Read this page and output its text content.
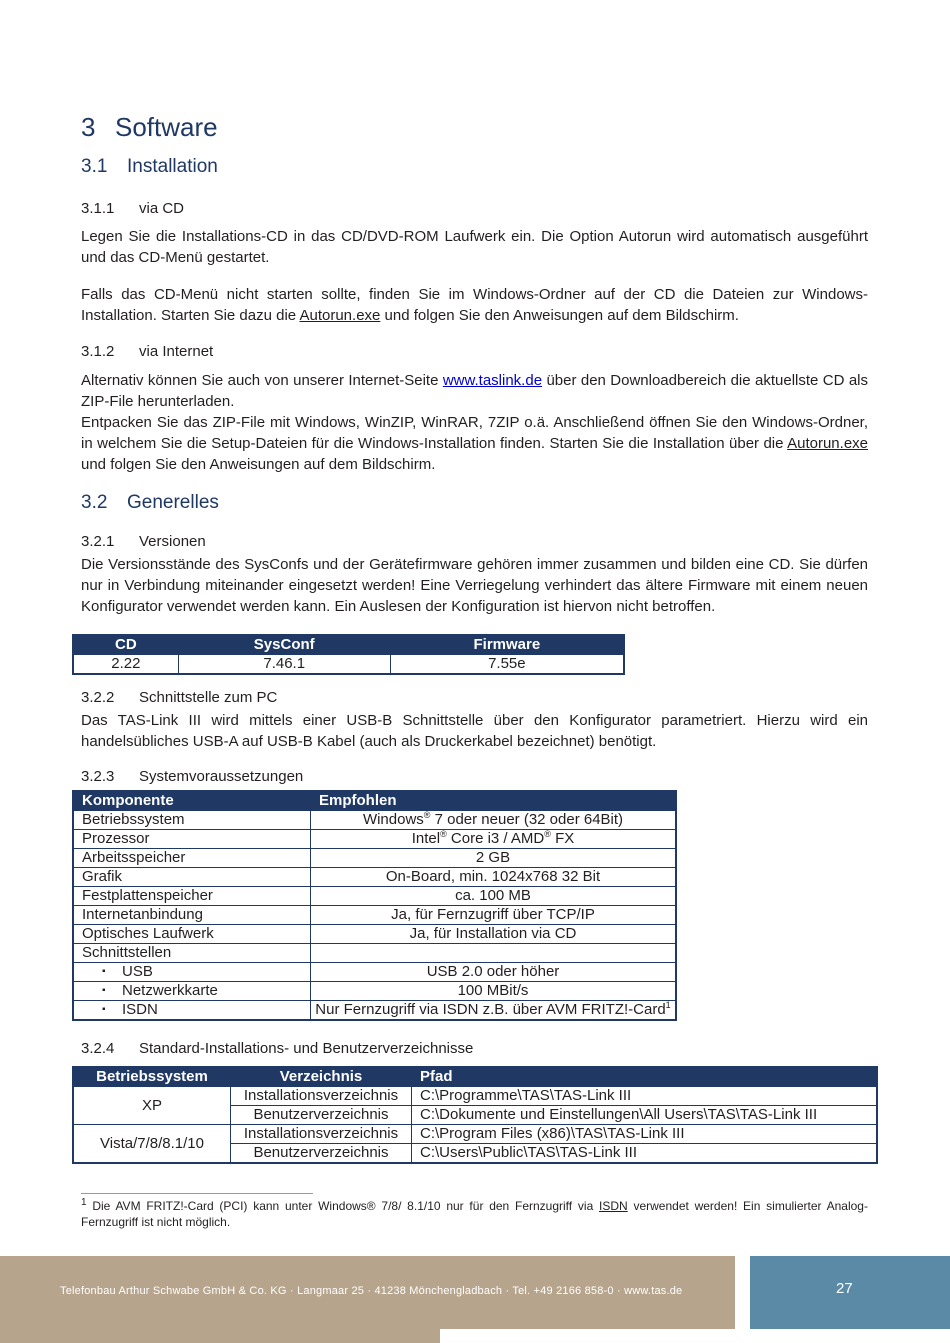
3 Software
3.1 Installation
3.1.1 via CD
Legen Sie die Installations-CD in das CD/DVD-ROM Laufwerk ein. Die Option Autorun wird automatisch ausgeführt und das CD-Menü gestartet.
Falls das CD-Menü nicht starten sollte, finden Sie im Windows-Ordner auf der CD die Dateien zur Windows-Installation. Starten Sie dazu die Autorun.exe und folgen Sie den Anweisungen auf dem Bildschirm.
3.1.2 via Internet
Alternativ können Sie auch von unserer Internet-Seite www.taslink.de über den Downloadbereich die aktuellste CD als ZIP-File herunterladen.
Entpacken Sie das ZIP-File mit Windows, WinZIP, WinRAR, 7ZIP o.ä. Anschließend öffnen Sie den Windows-Ordner, in welchem Sie die Setup-Dateien für die Windows-Installation finden. Starten Sie die Installation über die Autorun.exe und folgen Sie den Anweisungen auf dem Bildschirm.
3.2 Generelles
3.2.1 Versionen
Die Versionsstände des SysConfs und der Gerätefirmware gehören immer zusammen und bilden eine CD. Sie dürfen nur in Verbindung miteinander eingesetzt werden! Eine Verriegelung verhindert das ältere Firmware mit einem neuen Konfigurator verwendet werden kann. Ein Auslesen der Konfiguration ist hiervon nicht betroffen.
CD	SysConf	Firmware
2.22	7.46.1	7.55e
3.2.2 Schnittstelle zum PC
Das TAS-Link III wird mittels einer USB-B Schnittstelle über den Konfigurator parametriert. Hierzu wird ein handelsübliches USB-A auf USB-B Kabel (auch als Druckerkabel bezeichnet) benötigt.
3.2.3 Systemvoraussetzungen
Komponente	Empfohlen
Betriebssystem	Windows® 7 oder neuer (32 oder 64Bit)
Prozessor	Intel® Core i3 / AMD® FX
Arbeitsspeicher	2 GB
Grafik	On-Board, min. 1024x768 32 Bit
Festplattenspeicher	ca. 100 MB
Internetanbindung	Ja, für Fernzugriff über TCP/IP
Optisches Laufwerk	Ja, für Installation via CD
Schnittstellen	

▪ USB	USB 2.0 oder höher

▪ Netzwerkkarte	100 MBit/s

▪ ISDN	Nur Fernzugriff via ISDN z.B. über AVM FRITZ!-Card$^1$
3.2.4 Standard-Installations- und Benutzerverzeichnisse
Betriebssystem	Verzeichnis	Pfad
XP	Installationsverzeichnis	C:\Programme\TAS\TAS-Link III
	Benutzerverzeichnis	C:\Dokumente und Einstellungen\All Users\TAS\TAS-Link III
Vista/7/8/8.1/10	Installationsverzeichnis	C:\Program Files (x86)\TAS\TAS-Link III
	Benutzerverzeichnis	C:\Users\Public\TAS\TAS-Link III
$^1$ Die AVM FRITZ!-Card (PCI) kann unter Windows® 7/8/ 8.1/10 nur für den Fernzugriff via ISDN verwendet werden! Ein simulierter Analog-Fernzugriff ist nicht möglich.
Telefonbau Arthur Schwabe GmbH & Co. KG · Langmaar 25 · 41238 Mönchengladbach · Tel. +49 2166 858-0 · www.tas.de	27
